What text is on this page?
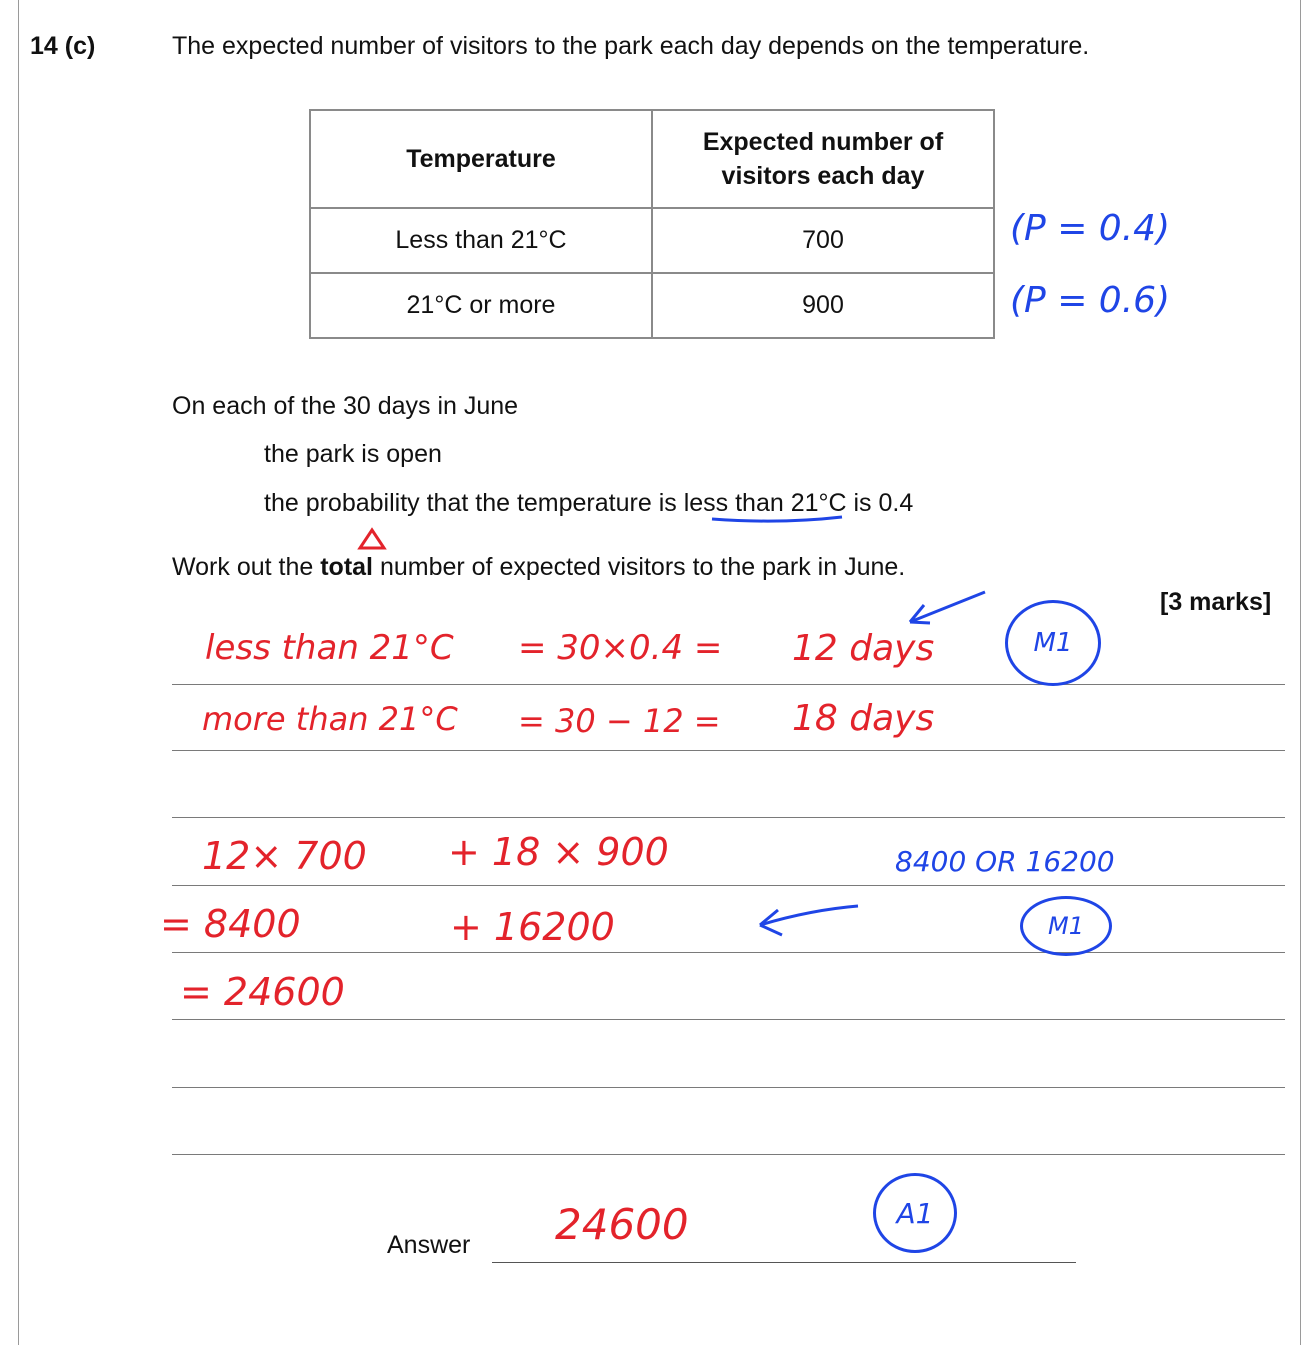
14 (c)	The expected number of visitors to the park each day depends on the temperature.
Temperature	Expected number of
visitors each day
Less than 21°C	700
21°C or more	900
On each of the 30 days in June
the park is open
the probability that the temperature is less than 21°C is 0.4
Work out the total number of expected visitors to the park in June.
[3 marks]
Answer
(P = 0.4)
(P = 0.6)
less than 21°C = 30×0.4 = 12 days
more than 21°C = 30 − 12 = 18 days
12× 700 + 18 × 900
= 8400	+ 16200
= 24600
8400 OR 16200
24600
M1
M1
A1
